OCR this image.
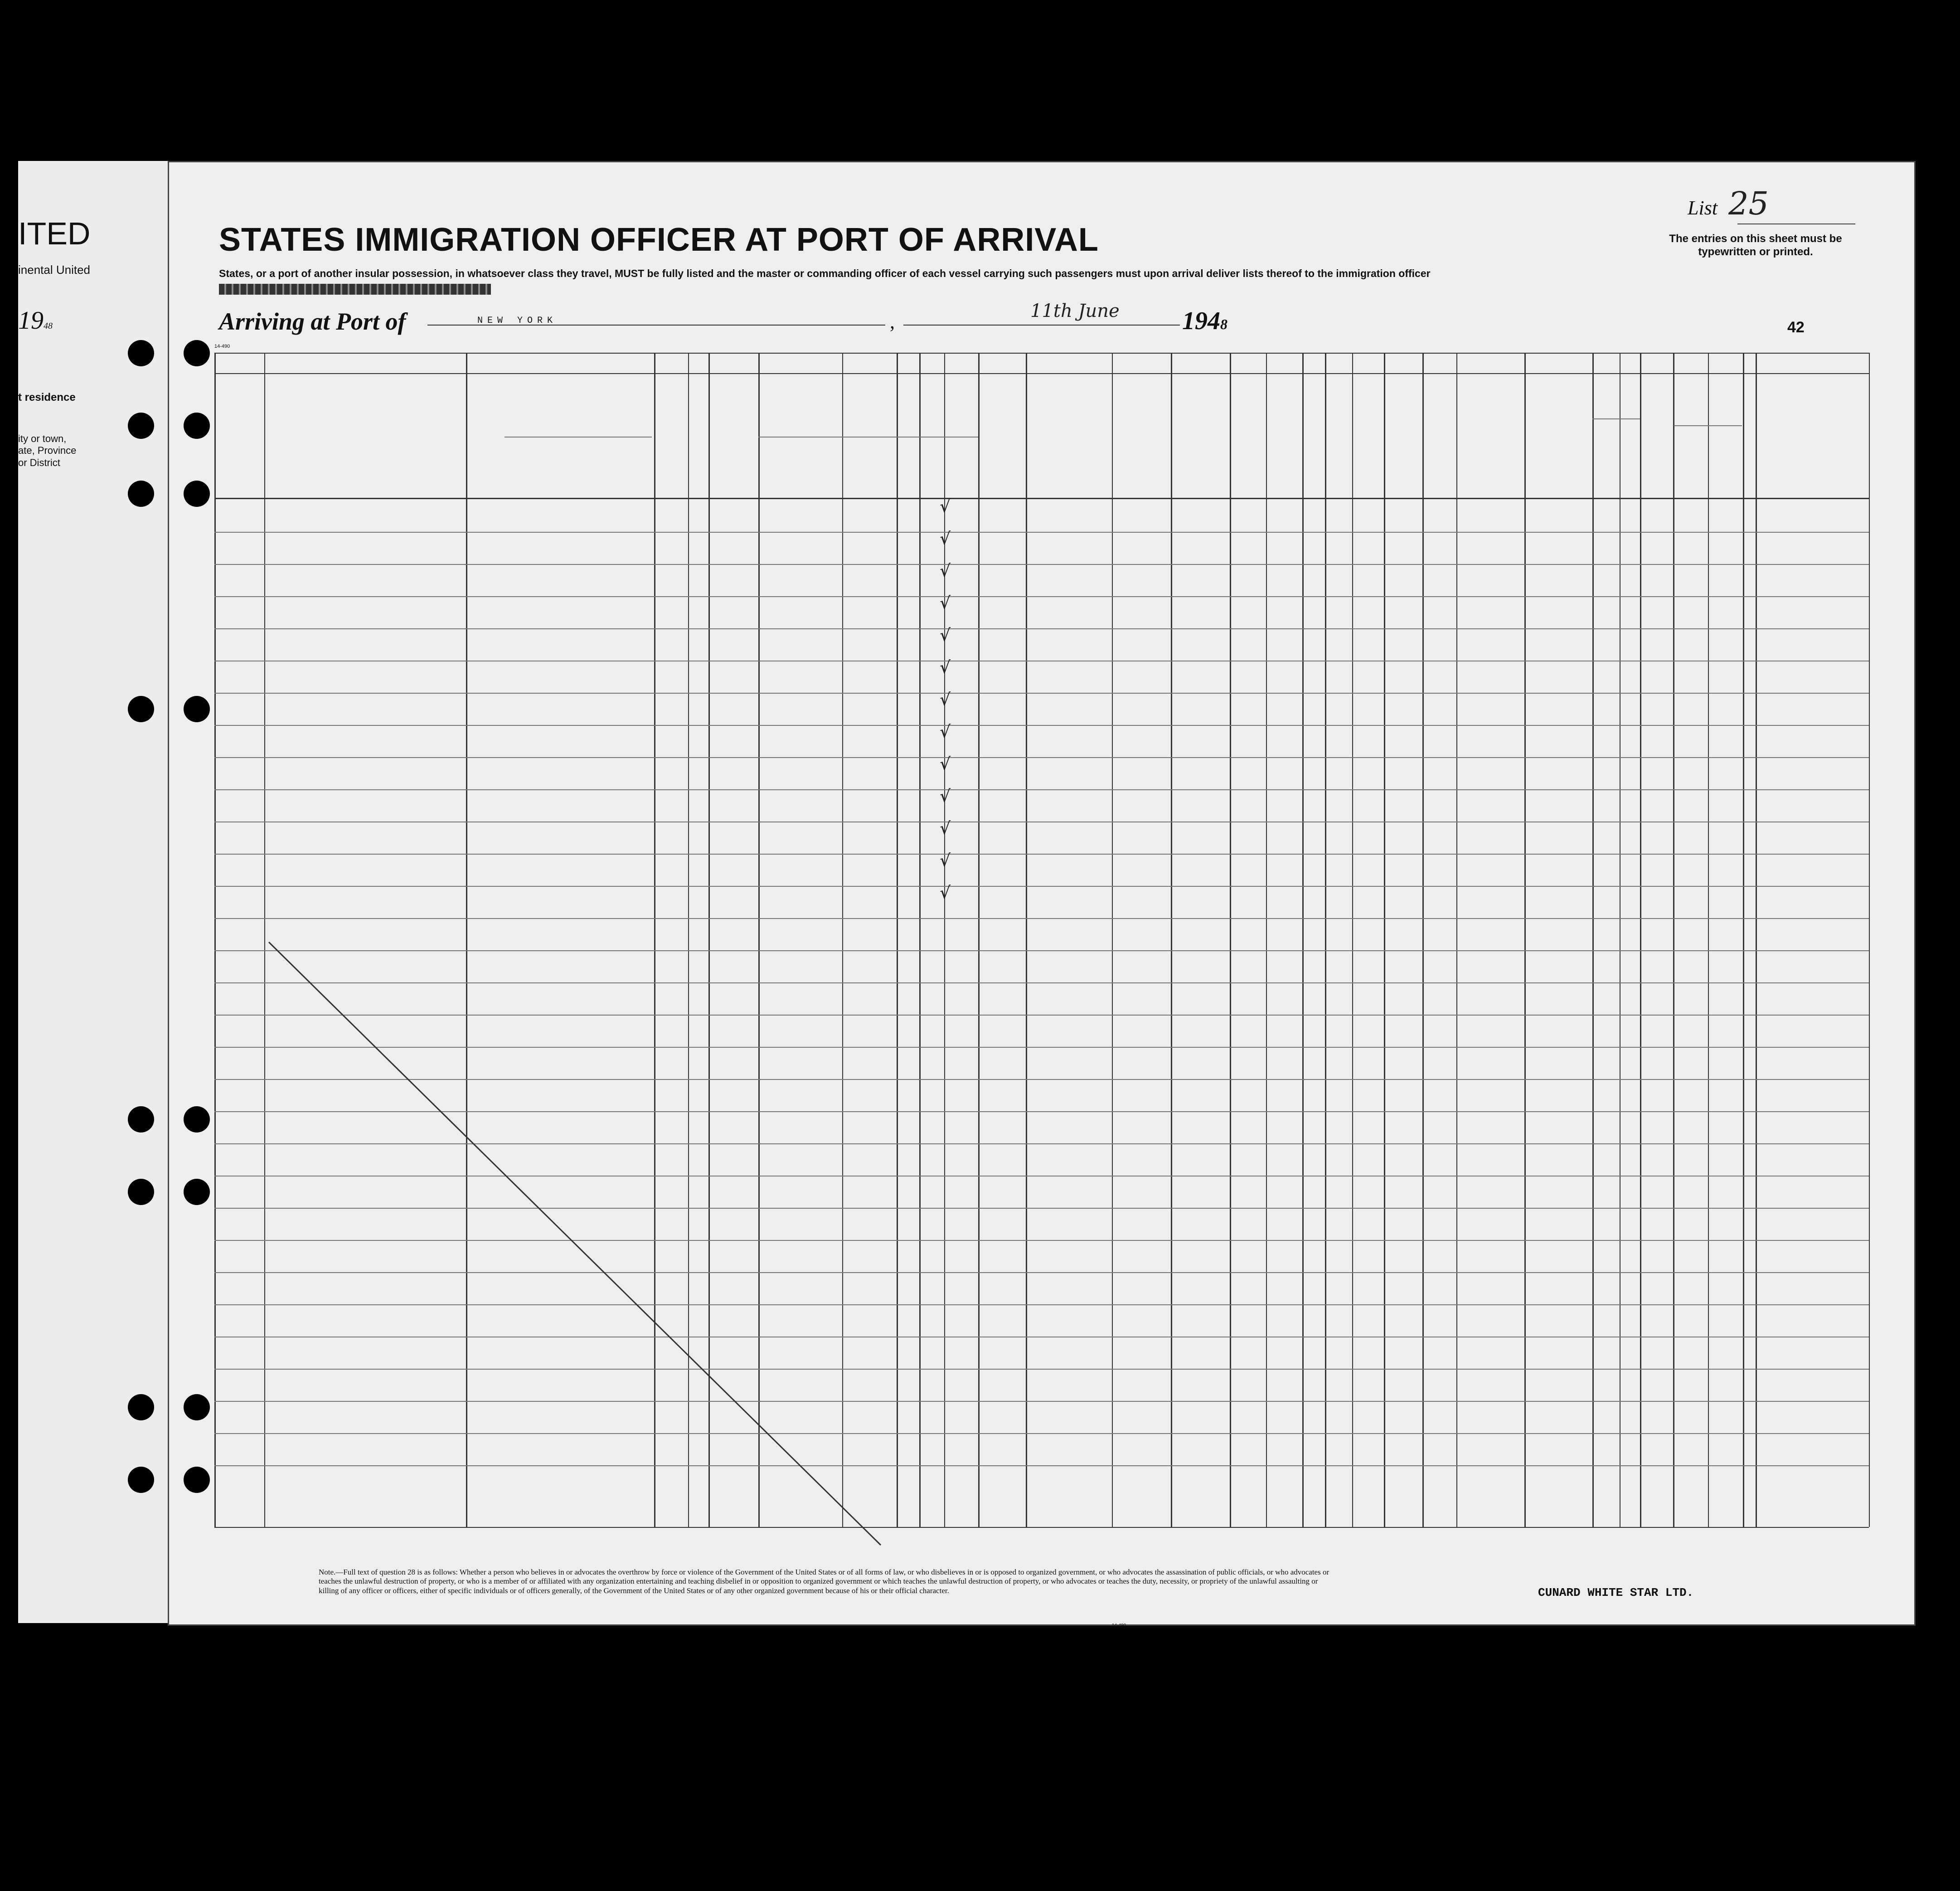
ITED
inental United
1948
t residence
ity or town,
ate, Province
or District
STATES IMMIGRATION OFFICER AT PORT OF ARRIVAL
States, or a port of another insular possession, in whatsoever class they travel, MUST be fully listed and the master or commanding officer of each vessel carrying such passengers must upon arrival deliver lists thereof to the immigration officer
List 25
The entries on this sheet must be typewritten or printed.
Arriving at Port of	NEW YORK	,	11th June 1948	42
14-490
√
√
√
√
√
√
√
√
√
√
√
√
√
Note.—Full text of question 28 is as follows: Whether a person who believes in or advocates the overthrow by force or violence of the Government of the United States or of all forms of law, or who disbelieves in or is opposed to organized government, or who advocates the assassination of public officials, or who advocates or teaches the unlawful destruction of property, or who is a member of or affiliated with any organization entertaining and teaching disbelief in or opposition to organized government or which teaches the unlawful destruction of property, or who advocates or teaches the duty, necessity, or propriety of the unlawful assaulting or killing of any officer or officers, either of specific individuals or of officers generally, of the Government of the United States or of any other organized government because of his or their official character.
14-490
CUNARD WHITE STAR LTD.
